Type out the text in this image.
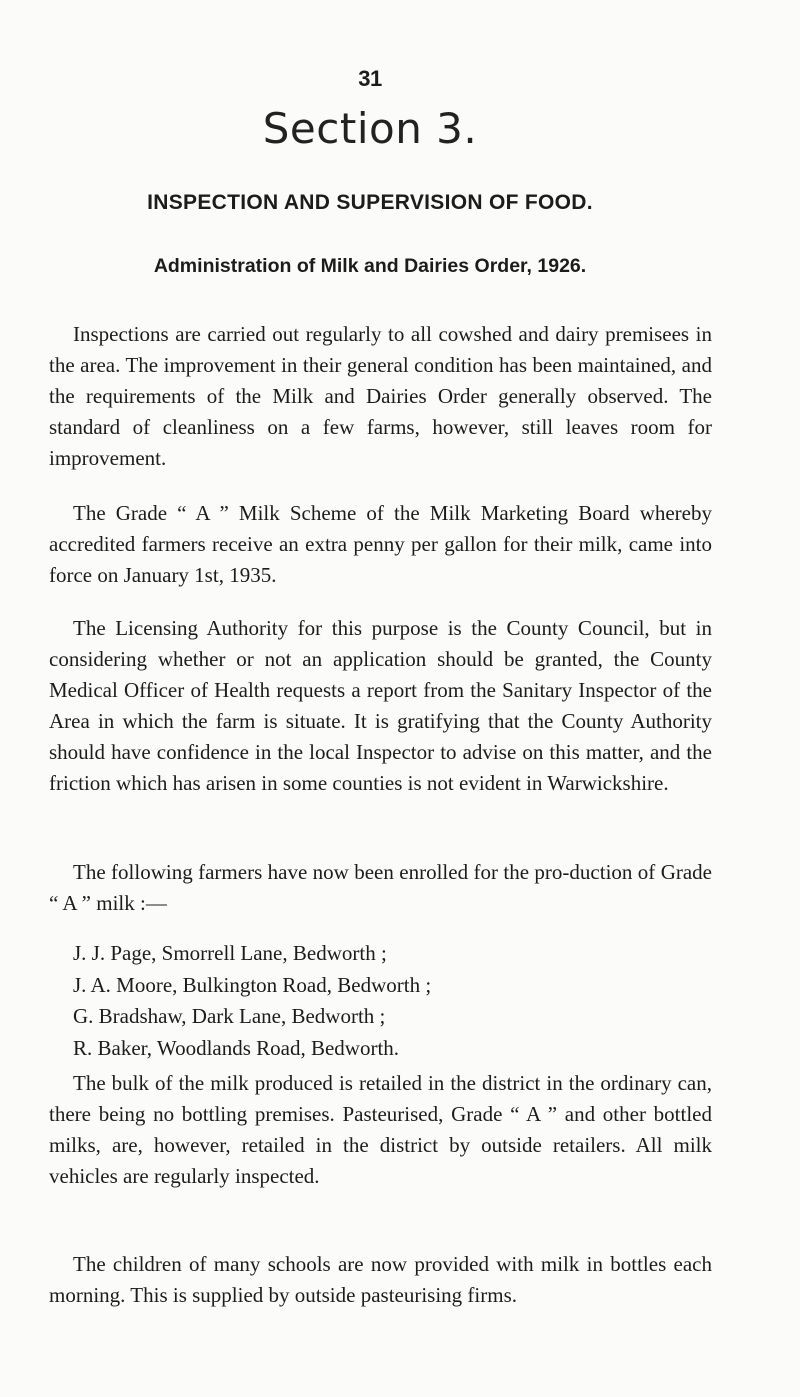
31
Section 3.
INSPECTION AND SUPERVISION OF FOOD.
Administration of Milk and Dairies Order, 1926.

Inspections are carried out regularly to all cowshed and dairy premisees in the area. The improvement in their general condition has been maintained, and the requirements of the Milk and Dairies Order generally observed. The standard of cleanliness on a few farms, however, still leaves room for improvement.

The Grade “ A ” Milk Scheme of the Milk Marketing Board whereby accredited farmers receive an extra penny per gallon for their milk, came into force on January 1st, 1935.

The Licensing Authority for this purpose is the County Council, but in considering whether or not an application should be granted, the County Medical Officer of Health requests a report from the Sanitary Inspector of the Area in which the farm is situate. It is gratifying that the County Authority should have confidence in the local Inspector to advise on this matter, and the friction which has arisen in some counties is not evident in Warwickshire.

The following farmers have now been enrolled for the pro-duction of Grade “ A ” milk :—

J. J. Page, Smorrell Lane, Bedworth ;
J. A. Moore, Bulkington Road, Bedworth ;
G. Bradshaw, Dark Lane, Bedworth ;
R. Baker, Woodlands Road, Bedworth.

The bulk of the milk produced is retailed in the district in the ordinary can, there being no bottling premises. Pasteurised, Grade “ A ” and other bottled milks, are, however, retailed in the district by outside retailers. All milk vehicles are regularly inspected.

The children of many schools are now provided with milk in bottles each morning. This is supplied by outside pasteurising firms.
